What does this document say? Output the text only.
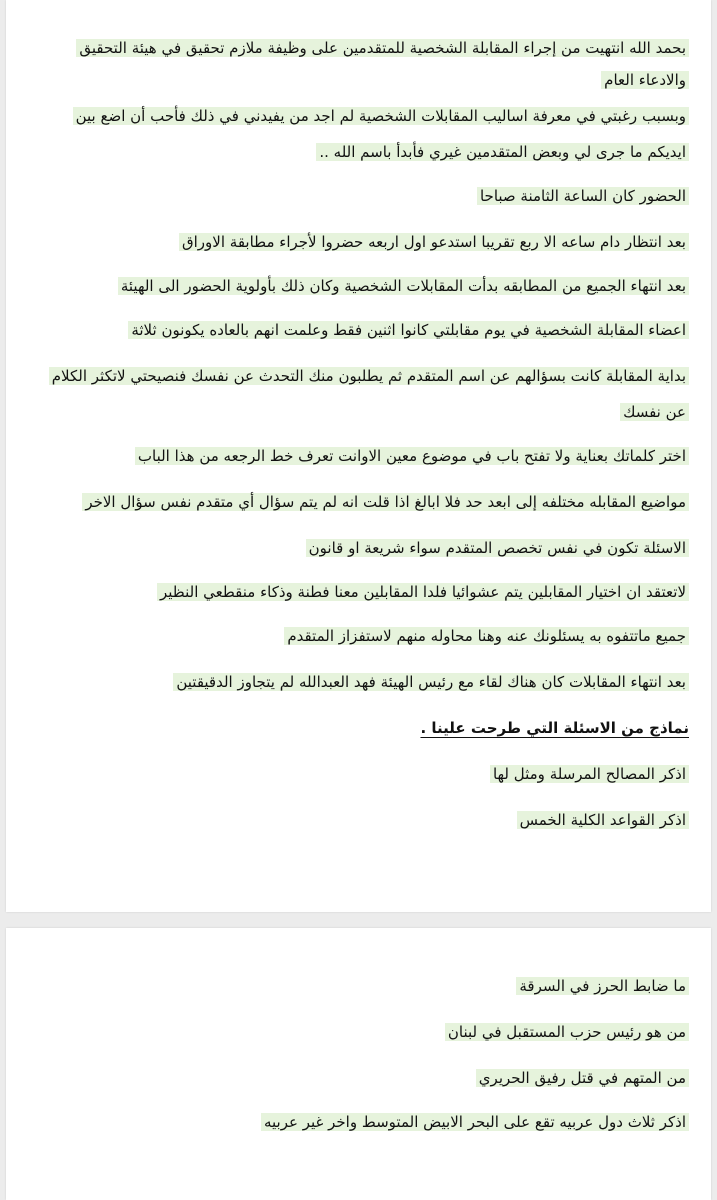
بحمد الله انتهيت من إجراء المقابلة الشخصية للمتقدمين على وظيفة ملازم تحقيق في هيئة التحقيق
والادعاء العام
وبسبب رغبتي في معرفة اساليب المقابلات الشخصية لم اجد من يفيدني في ذلك فأحب أن اضع بين
ايديكم ما جرى لي وبعض المتقدمين غيري فأبدأ باسم الله ..
الحضور كان الساعة الثامنة صباحا
بعد انتظار دام ساعه الا ربع تقريبا استدعو اول اربعه حضروا لأجراء مطابقة الاوراق
بعد انتهاء الجميع من المطابقه بدأت المقابلات الشخصية وكان ذلك بأولوية الحضور الى الهيئة
اعضاء المقابلة الشخصية في يوم مقابلتي كانوا اثنين فقط وعلمت انهم بالعاده يكونون ثلاثة
بداية المقابلة كانت بسؤالهم عن اسم المتقدم ثم يطلبون منك التحدث عن نفسك فنصيحتي لاتكثر الكلام
عن نفسك
اختر كلماتك بعناية ولا تفتح باب في موضوع معين الاوانت تعرف خط الرجعه من هذا الباب
مواضيع المقابله مختلفه إلى ابعد حد فلا ابالغ اذا قلت انه لم يتم سؤال أي متقدم نفس سؤال الاخر
الاسئلة تكون في نفس تخصص المتقدم سواء شريعة او قانون
لاتعتقد ان اختيار المقابلين يتم عشوائيا فلدا المقابلين معنا فطنة وذكاء منقطعي النظير
جميع ماتتفوه به يسئلونك عنه وهنا محاوله منهم لاستفزاز المتقدم
بعد انتهاء المقابلات كان هناك لقاء مع رئيس الهيئة فهد العبدالله لم يتجاوز الدقيقتين
نماذج من الاسئلة التي طرحت علينا .
اذكر المصالح المرسلة ومثل لها
اذكر القواعد الكلية الخمس
ما ضابط الحرز في السرقة
من هو رئيس حزب المستقبل في لبنان
من المتهم في قتل رفيق الحريري
اذكر ثلاث دول عربيه تقع على البحر الابيض المتوسط واخر غير عربيه
